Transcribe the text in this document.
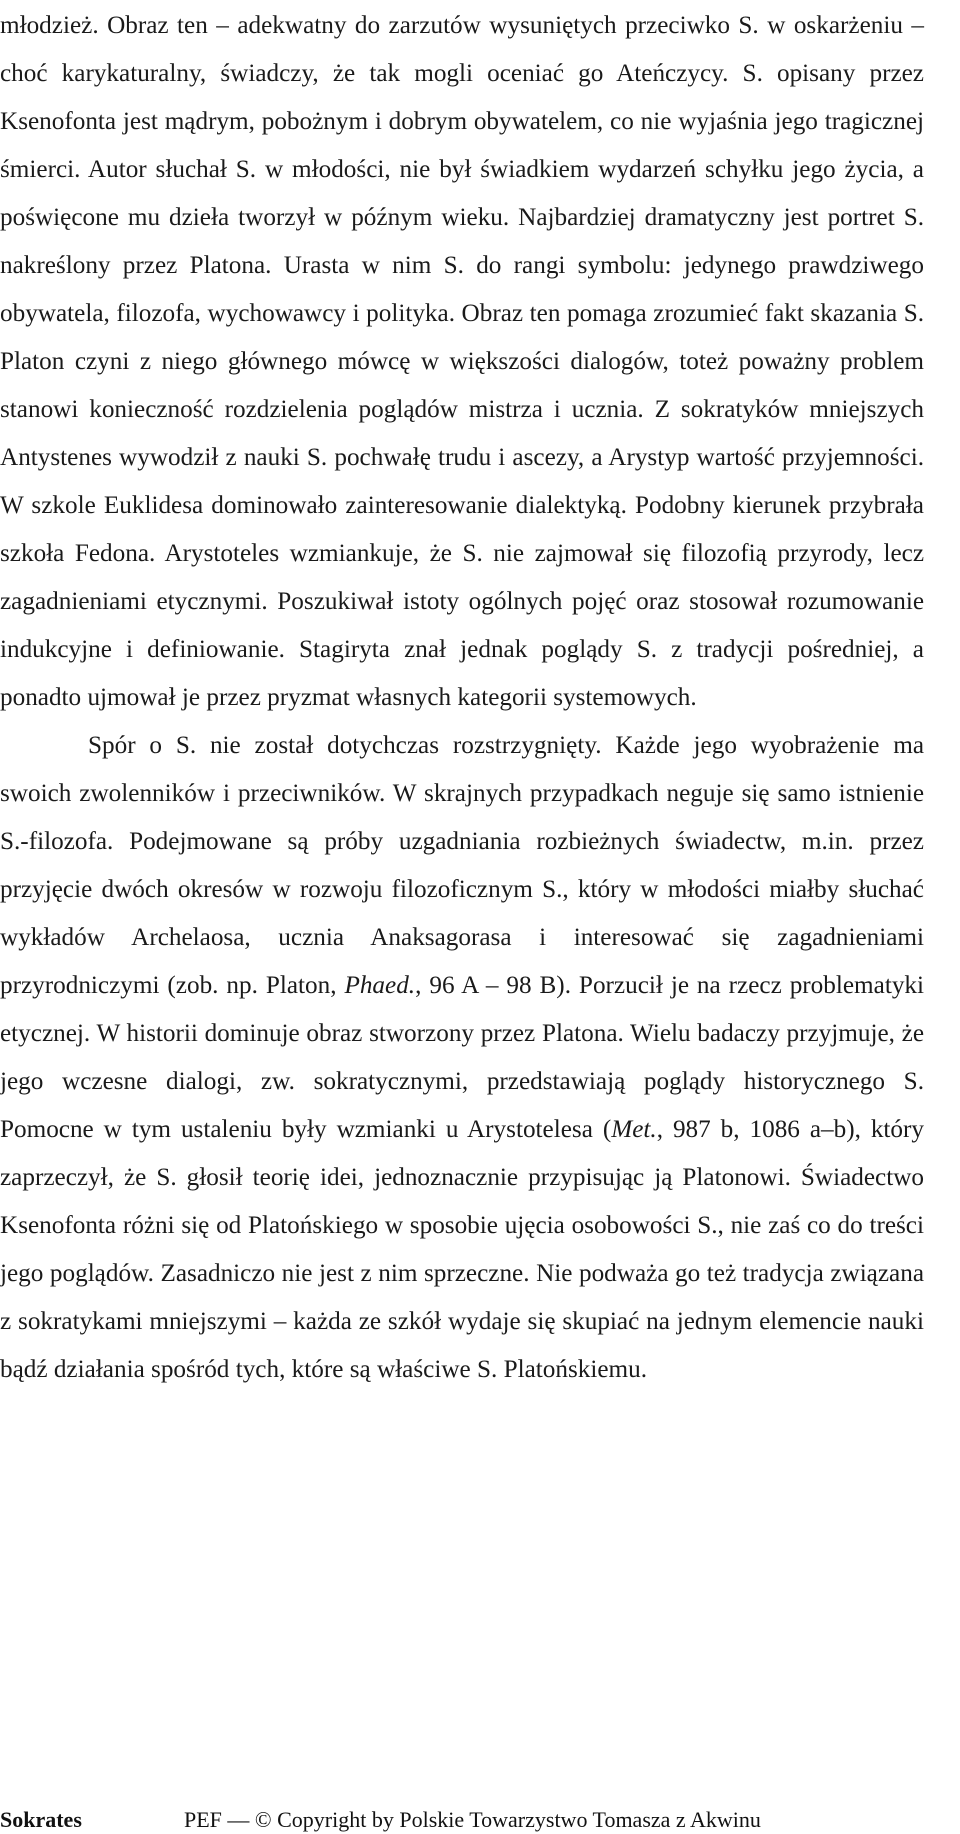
młodzież. Obraz ten – adekwatny do zarzutów wysuniętych przeciwko S. w oskarżeniu – choć karykaturalny, świadczy, że tak mogli oceniać go Ateńczycy. S. opisany przez Ksenofonta jest mądrym, pobożnym i dobrym obywatelem, co nie wyjaśnia jego tragicznej śmierci. Autor słuchał S. w młodości, nie był świadkiem wydarzeń schyłku jego życia, a poświęcone mu dzieła tworzył w późnym wieku. Najbardziej dramatyczny jest portret S. nakreślony przez Platona. Urasta w nim S. do rangi symbolu: jedynego prawdziwego obywatela, filozofa, wychowawcy i polityka. Obraz ten pomaga zrozumieć fakt skazania S. Platon czyni z niego głównego mówcę w większości dialogów, toteż poważny problem stanowi konieczność rozdzielenia poglądów mistrza i ucznia. Z sokratyków mniejszych Antystenes wywodził z nauki S. pochwałę trudu i ascezy, a Arystyp wartość przyjemności. W szkole Euklidesa dominowało zainteresowanie dialektyką. Podobny kierunek przybrała szkoła Fedona. Arystoteles wzmiankuje, że S. nie zajmował się filozofią przyrody, lecz zagadnieniami etycznymi. Poszukiwał istoty ogólnych pojęć oraz stosował rozumowanie indukcyjne i definiowanie. Stagiryta znał jednak poglądy S. z tradycji pośredniej, a ponadto ujmował je przez pryzmat własnych kategorii systemowych.

Spór o S. nie został dotychczas rozstrzygnięty. Każde jego wyobrażenie ma swoich zwolenników i przeciwników. W skrajnych przypadkach neguje się samo istnienie S.-filozofa. Podejmowane są próby uzgadniania rozbieżnych świadectw, m.in. przez przyjęcie dwóch okresów w rozwoju filozoficznym S., który w młodości miałby słuchać wykładów Archelaosa, ucznia Anaksagorasa i interesować się zagadnieniami przyrodniczymi (zob. np. Platon, Phaed., 96 A – 98 B). Porzucił je na rzecz problematyki etycznej. W historii dominuje obraz stworzony przez Platona. Wielu badaczy przyjmuje, że jego wczesne dialogi, zw. sokratycznymi, przedstawiają poglądy historycznego S. Pomocne w tym ustaleniu były wzmianki u Arystotelesa (Met., 987 b, 1086 a–b), który zaprzeczył, że S. głosił teorię idei, jednoznacznie przypisując ją Platonowi. Świadectwo Ksenofonta różni się od Platońskiego w sposobie ujęcia osobowości S., nie zaś co do treści jego poglądów. Zasadniczo nie jest z nim sprzeczne. Nie podważa go też tradycja związana z sokratykami mniejszymi – każda ze szkół wydaje się skupiać na jednym elemencie nauki bądź działania spośród tych, które są właściwe S. Platońskiemu.

Sokrates	PEF — © Copyright by Polskie Towarzystwo Tomasza z Akwinu
